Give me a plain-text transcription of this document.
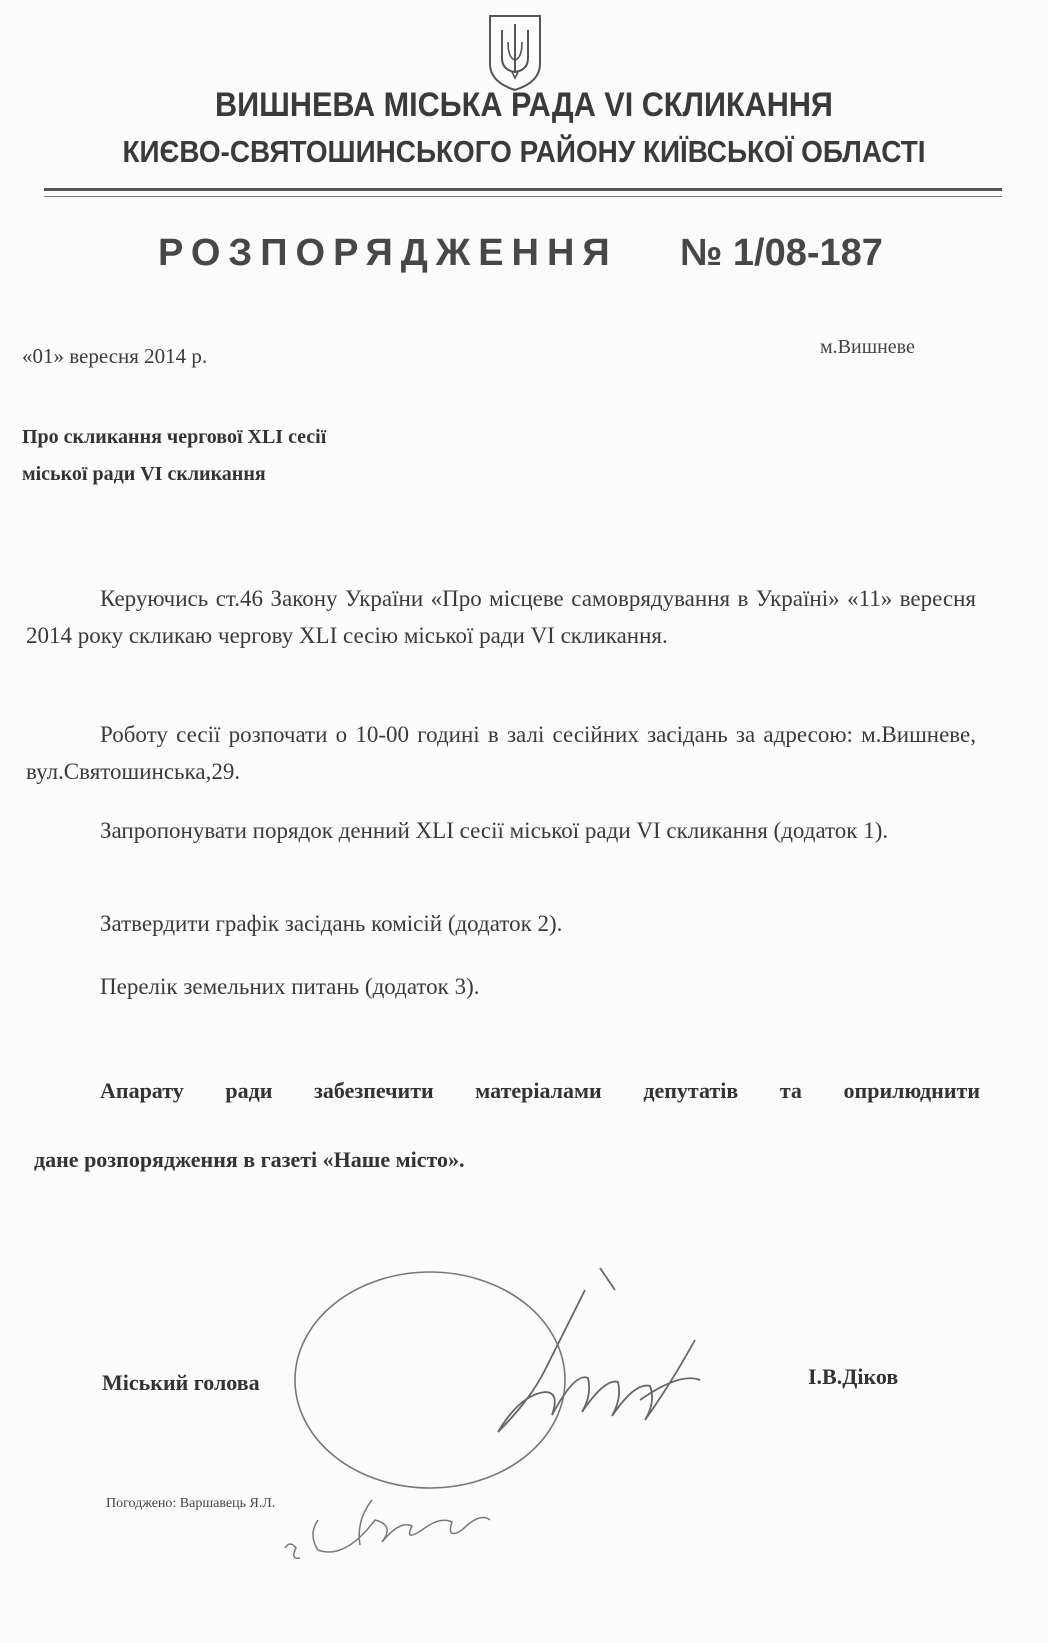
ВИШНЕВА МІСЬКА РАДА VI СКЛИКАННЯ
КИЄВО-СВЯТОШИНСЬКОГО РАЙОНУ КИЇВСЬКОЇ ОБЛАСТІ
РОЗПОРЯДЖЕННЯ № 1/08-187
«01» вересня 2014 р.	м.Вишневе
Про скликання чергової XLI сесії
міської ради VI скликання
Керуючись ст.46 Закону України «Про місцеве самоврядування в Україні» «11» вересня 2014 року скликаю чергову XLI сесію міської ради VI скликання.
Роботу сесії розпочати о 10-00 годині в залі сесійних засідань за адресою: м.Вишневе, вул.Святошинська,29.
Запропонувати порядок денний XLI сесії міської ради VI скликання (додаток 1).
Затвердити графік засідань комісій (додаток 2).
Перелік земельних питань (додаток 3).
Апарату ради забезпечити матеріалами депутатів та оприлюднити
дане розпорядження в газеті «Наше місто».
Міський голова	І.В.Діков
Погоджено: Варшавець Я.Л.
